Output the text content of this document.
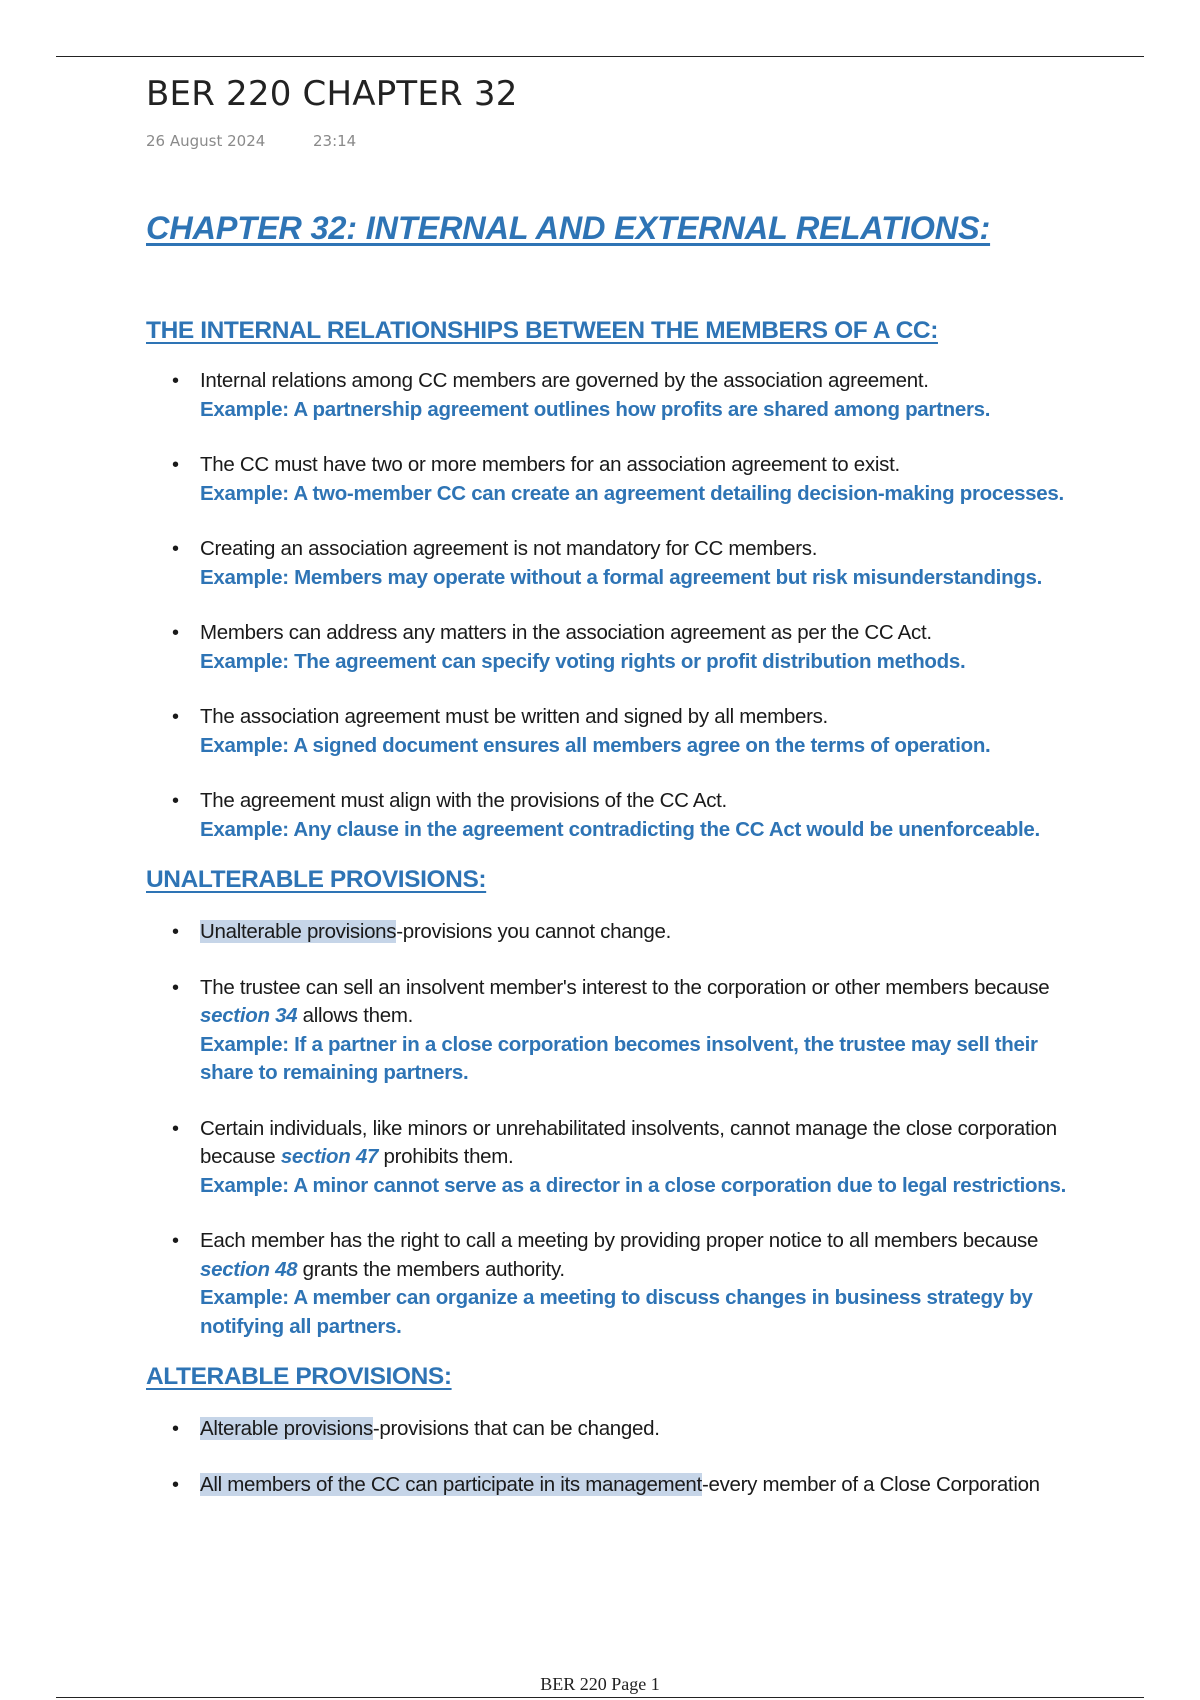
BER 220 CHAPTER 32
26 August 2024	23:14
CHAPTER 32: INTERNAL AND EXTERNAL RELATIONS:
THE INTERNAL RELATIONSHIPS BETWEEN THE MEMBERS OF A CC:
• Internal relations among CC members are governed by the association agreement.
Example: A partnership agreement outlines how profits are shared among partners.
• The CC must have two or more members for an association agreement to exist.
Example: A two-member CC can create an agreement detailing decision-making processes.
• Creating an association agreement is not mandatory for CC members.
Example: Members may operate without a formal agreement but risk misunderstandings.
• Members can address any matters in the association agreement as per the CC Act.
Example: The agreement can specify voting rights or profit distribution methods.
• The association agreement must be written and signed by all members.
Example: A signed document ensures all members agree on the terms of operation.
• The agreement must align with the provisions of the CC Act.
Example: Any clause in the agreement contradicting the CC Act would be unenforceable.
UNALTERABLE PROVISIONS:
• Unalterable provisions-provisions you cannot change.
• The trustee can sell an insolvent member's interest to the corporation or other members because section 34 allows them.
Example: If a partner in a close corporation becomes insolvent, the trustee may sell their share to remaining partners.
• Certain individuals, like minors or unrehabilitated insolvents, cannot manage the close corporation because section 47 prohibits them.
Example: A minor cannot serve as a director in a close corporation due to legal restrictions.
• Each member has the right to call a meeting by providing proper notice to all members because section 48 grants the members authority.
Example: A member can organize a meeting to discuss changes in business strategy by notifying all partners.
ALTERABLE PROVISIONS:
• Alterable provisions-provisions that can be changed.
• All members of the CC can participate in its management-every member of a Close Corporation
BER 220 Page 1
